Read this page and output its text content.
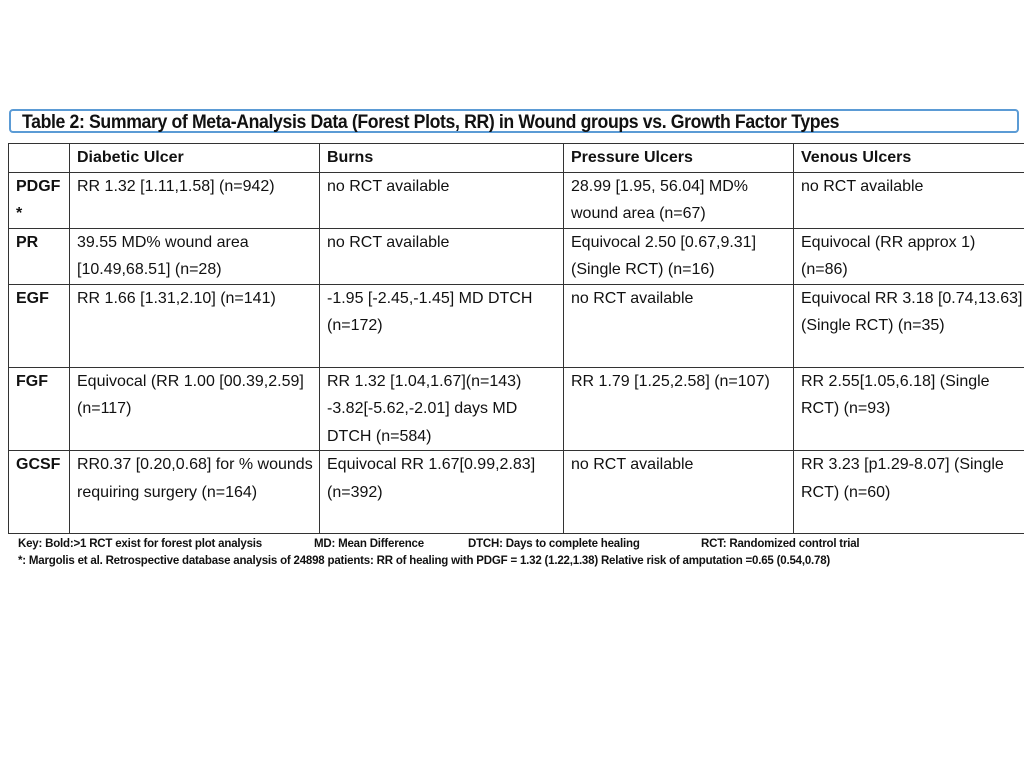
Table 2: Summary of Meta-Analysis Data (Forest Plots, RR) in Wound groups vs. Growth Factor Types
	Diabetic Ulcer	Burns	Pressure Ulcers	Venous Ulcers
PDGF *	RR 1.32 [1.11,1.58] (n=942)	no RCT available	28.99 [1.95, 56.04] MD% wound area (n=67)	no RCT available
PR	39.55 MD% wound area [10.49,68.51] (n=28)	no RCT available	Equivocal 2.50 [0.67,9.31] (Single RCT) (n=16)	Equivocal (RR approx 1) (n=86)
EGF	RR 1.66 [1.31,2.10] (n=141)	-1.95 [-2.45,-1.45] MD DTCH (n=172)	no RCT available	Equivocal RR 3.18 [0.74,13.63] (Single RCT) (n=35)
FGF	Equivocal (RR 1.00 [00.39,2.59] (n=117)	RR 1.32 [1.04,1.67](n=143) -3.82[-5.62,-2.01] days MD DTCH (n=584)	RR 1.79 [1.25,2.58] (n=107)	RR 2.55[1.05,6.18] (Single RCT) (n=93)
GCSF	RR0.37 [0.20,0.68] for % wounds requiring surgery (n=164)	Equivocal RR 1.67[0.99,2.83] (n=392)	no RCT available	RR 3.23 [p1.29-8.07] (Single RCT) (n=60)
Key: Bold:>1 RCT exist for forest plot analysis	MD: Mean Difference	DTCH: Days to complete healing	RCT: Randomized control trial
*: Margolis et al. Retrospective database analysis of 24898 patients: RR of healing with PDGF = 1.32 (1.22,1.38) Relative risk of amputation =0.65 (0.54,0.78)
